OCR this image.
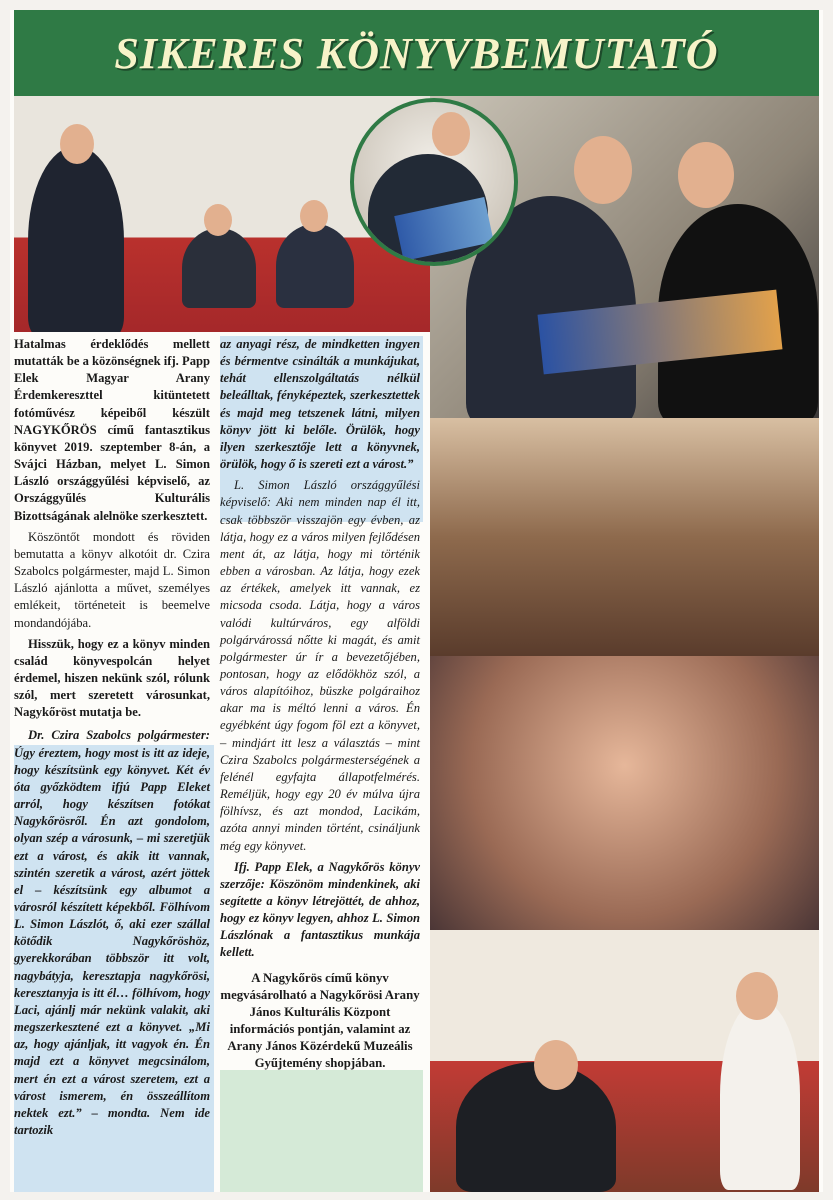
SIKERES KÖNYVBEMUTATÓ

Hatalmas érdeklődés mellett mutatták be a közönségnek ifj. Papp Elek Magyar Arany Érdemkereszttel kitüntetett fotóművész képeiből készült NAGYKŐRÖS című fantasztikus könyvet 2019. szeptember 8-án, a Svájci Házban, melyet L. Simon László országgyűlési képviselő, az Országgyűlés Kulturális Bizottságának alelnöke szerkesztett.

Köszöntőt mondott és röviden bemutatta a könyv alkotóit dr. Czira Szabolcs polgármester, majd L. Simon László ajánlotta a művet, személyes emlékeit, történeteit is beemelve mondandójába.

Hisszük, hogy ez a könyv minden család könyvespolcán helyet érdemel, hiszen nekünk szól, rólunk szól, mert szeretett városunkat, Nagykőröst mutatja be.

Dr. Czira Szabolcs polgármester: Úgy éreztem, hogy most is itt az ideje, hogy készítsünk egy könyvet. Két év óta győzködtem ifjú Papp Eleket arról, hogy készítsen fotókat Nagykőrösről. Én azt gondolom, olyan szép a városunk, – mi szeretjük ezt a várost, és akik itt vannak, szintén szeretik a várost, azért jöttek el – készítsünk egy albumot a városról készített képekből. Fölhívom L. Simon Lászlót, ő, aki ezer szállal kötődik Nagykőröshöz, gyerekkorában többször itt volt, nagybátyja, keresztapja nagykőrösi, keresztanyja is itt él… fölhívom, hogy Laci, ajánlj már nekünk valakit, aki megszerkesztené ezt a könyvet. „Mi az, hogy ajánljak, itt vagyok én. Én majd ezt a könyvet megcsinálom, mert én ezt a várost szeretem, ezt a várost ismerem, én összeállítom nektek ezt.” – mondta. Nem ide tartozik

az anyagi rész, de mindketten ingyen és bérmentve csinálták a munkájukat, tehát ellenszolgáltatás nélkül beleálltak, fényképeztek, szerkesztettek és majd meg tetszenek látni, milyen könyv jött ki belőle. Örülök, hogy ilyen szerkesztője lett a könyvnek, örülök, hogy ő is szereti ezt a várost.”

L. Simon László országgyűlési képviselő: Aki nem minden nap él itt, csak többször visszajön egy évben, az látja, hogy ez a város milyen fejlődésen ment át, az látja, hogy mi történik ebben a városban. Az látja, hogy ezek az értékek, amelyek itt vannak, ez micsoda csoda. Látja, hogy a város valódi kultúrváros, egy alföldi polgárvárossá nőtte ki magát, és amit polgármester úr ír a bevezetőjében, pontosan, hogy az elődökhöz szól, a város alapítóihoz, büszke polgáraihoz akar ma is méltó lenni a város. Én egyébként úgy fogom föl ezt a könyvet, – mindjárt itt lesz a választás – mint Czira Szabolcs polgármesterségének a felénél egyfajta állapotfelmérés. Reméljük, hogy egy 20 év múlva újra fölhívsz, és azt mondod, Lacikám, azóta annyi minden történt, csináljunk még egy könyvet.

Ifj. Papp Elek, a Nagykőrös könyv szerzője: Köszönöm mindenkinek, aki segítette a könyv létrejöttét, de ahhoz, hogy ez könyv legyen, ahhoz L. Simon Lászlónak a fantasztikus munkája kellett.

A Nagykőrös című könyv megvásárolható a Nagykőrösi Arany János Kulturális Központ információs pontján, valamint az Arany János Közérdekű Muzeális Gyűjtemény shopjában.
